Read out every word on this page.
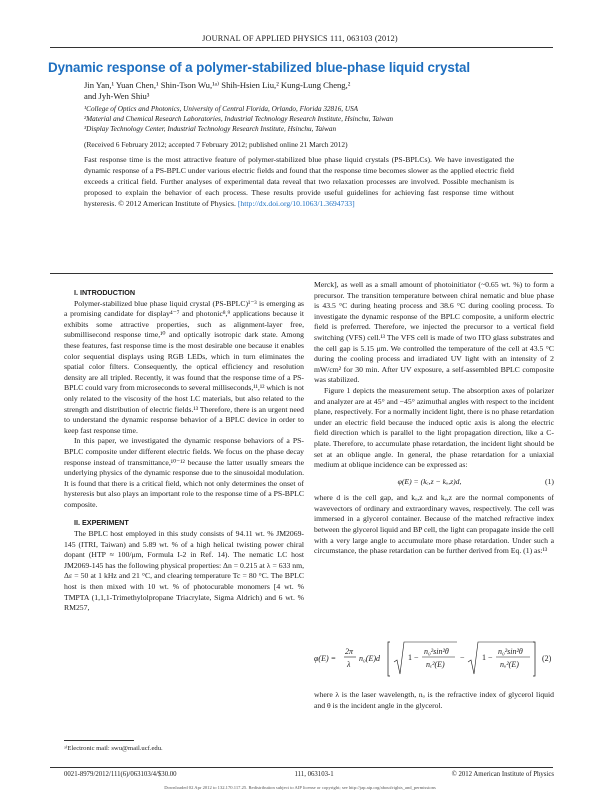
JOURNAL OF APPLIED PHYSICS 111, 063103 (2012)
Dynamic response of a polymer-stabilized blue-phase liquid crystal
Jin Yan,¹ Yuan Chen,¹ Shin-Tson Wu,¹ᵃ⁾ Shih-Hsien Liu,² Kung-Lung Cheng,²
and Jyh-Wen Shiu³
¹College of Optics and Photonics, University of Central Florida, Orlando, Florida 32816, USA
²Material and Chemical Research Laboratories, Industrial Technology Research Institute, Hsinchu, Taiwan
³Display Technology Center, Industrial Technology Research Institute, Hsinchu, Taiwan
(Received 6 February 2012; accepted 7 February 2012; published online 21 March 2012)
Fast response time is the most attractive feature of polymer-stabilized blue phase liquid crystals (PS-BPLCs). We have investigated the dynamic response of a PS-BPLC under various electric fields and found that the response time becomes slower as the applied electric field exceeds a critical field. Further analyses of experimental data reveal that two relaxation processes are involved. Possible mechanism is proposed to explain the behavior of each process. These results provide useful guidelines for achieving fast response time without hysteresis. © 2012 American Institute of Physics. [http://dx.doi.org/10.1063/1.3694733]

I. INTRODUCTION

Polymer-stabilized blue phase liquid crystal (PS-BPLC)¹⁻³ is emerging as a promising candidate for display⁴⁻⁷ and photonic⁸,⁹ applications because it exhibits some attractive properties, such as alignment-layer free, submillisecond response time,¹⁰ and optically isotropic dark state. Among these features, fast response time is the most desirable one because it enables color sequential displays using RGB LEDs, which in turn eliminates the spatial color filters. Consequently, the optical efficiency and resolution density are all tripled. Recently, it was found that the response time of a PS-BPLC could vary from microseconds to several milliseconds,¹¹,¹² which is not only related to the viscosity of the host LC materials, but also related to the strength and distribution of electric fields.¹³ Therefore, there is an urgent need to understand the dynamic response behavior of a BPLC device in order to keep fast response time.

In this paper, we investigated the dynamic response behaviors of a PS-BPLC composite under different electric fields. We focus on the phase decay response instead of transmittance,¹⁰⁻¹² because the latter usually smears the underlying physics of the dynamic response due to the sinusoidal modulation. It is found that there is a critical field, which not only determines the onset of hysteresis but also plays an important role to the response time of a PS-BPLC composite.

II. EXPERIMENT

The BPLC host employed in this study consists of 94.11 wt. % JM2069-145 (ITRI, Taiwan) and 5.89 wt. % of a high helical twisting power chiral dopant (HTP ≈ 100/μm, Formula I-2 in Ref. 14). The nematic LC host JM2069-145 has the following physical properties: Δn = 0.215 at λ = 633 nm, Δε = 50 at 1 kHz and 21 °C, and clearing temperature Tc = 80 °C. The BPLC host is then mixed with 10 wt. % of photocurable monomers [4 wt. % TMPTA (1,1,1-Trimethylolpropane Triacrylate, Sigma Aldrich) and 6 wt. % RM257,

Merck], as well as a small amount of photoinitiator (~0.65 wt. %) to form a precursor. The transition temperature between chiral nematic and blue phase is 43.5 °C during heating process and 38.6 °C during cooling process. To investigate the dynamic response of the BPLC composite, a uniform electric field is preferred. Therefore, we injected the precursor to a vertical field switching (VFS) cell.¹³ The VFS cell is made of two ITO glass substrates and the cell gap is 5.15 μm. We controlled the temperature of the cell at 43.5 °C during the cooling process and irradiated UV light with an intensity of 2 mW/cm² for 30 min. After UV exposure, a self-assembled BPLC composite was stabilized.

Figure 1 depicts the measurement setup. The absorption axes of polarizer and analyzer are at 45° and −45° azimuthal angles with respect to the incident plane, respectively. For a normally incident light, there is no phase retardation under an electric field because the induced optic axis is along the electric field direction which is parallel to the light propagation direction, like a C-plate. Therefore, to accumulate phase retardation, the incident light should be set at an oblique angle. In general, the phase retardation for a uniaxial medium at oblique incidence can be expressed as:

φ(E) = (kₑ,z − kₒ,z)d,	(1)

where d is the cell gap, and kₒ,z and kₑ,z are the normal components of wavevectors of ordinary and extraordinary waves, respectively. The cell was immersed in a glycerol container. Because of the matched refractive index between the glycerol liquid and BP cell, the light can propagate inside the cell with a very large angle to accumulate more phase retardation. Under such a circumstance, the phase retardation can be further derived from Eq. (1) as:¹³

φ(E) =
2π
λ
n₀(E)d	1 −
n₀²sin²θ
nₑ²(E)
− 1 −
n₀²sin²θ
nₒ²(E)
(2)

where λ is the laser wavelength, nₒ is the refractive index of glycerol liquid and θ is the incident angle in the glycerol.

ᵃ⁾Electronic mail: swu@mail.ucf.edu.
0021-8979/2012/111(6)/063103/4/$30.00	111, 063103-1	© 2012 American Institute of Physics
Downloaded 02 Apr 2012 to 132.170.117.25. Redistribution subject to AIP license or copyright; see http://jap.aip.org/about/rights_and_permissions
